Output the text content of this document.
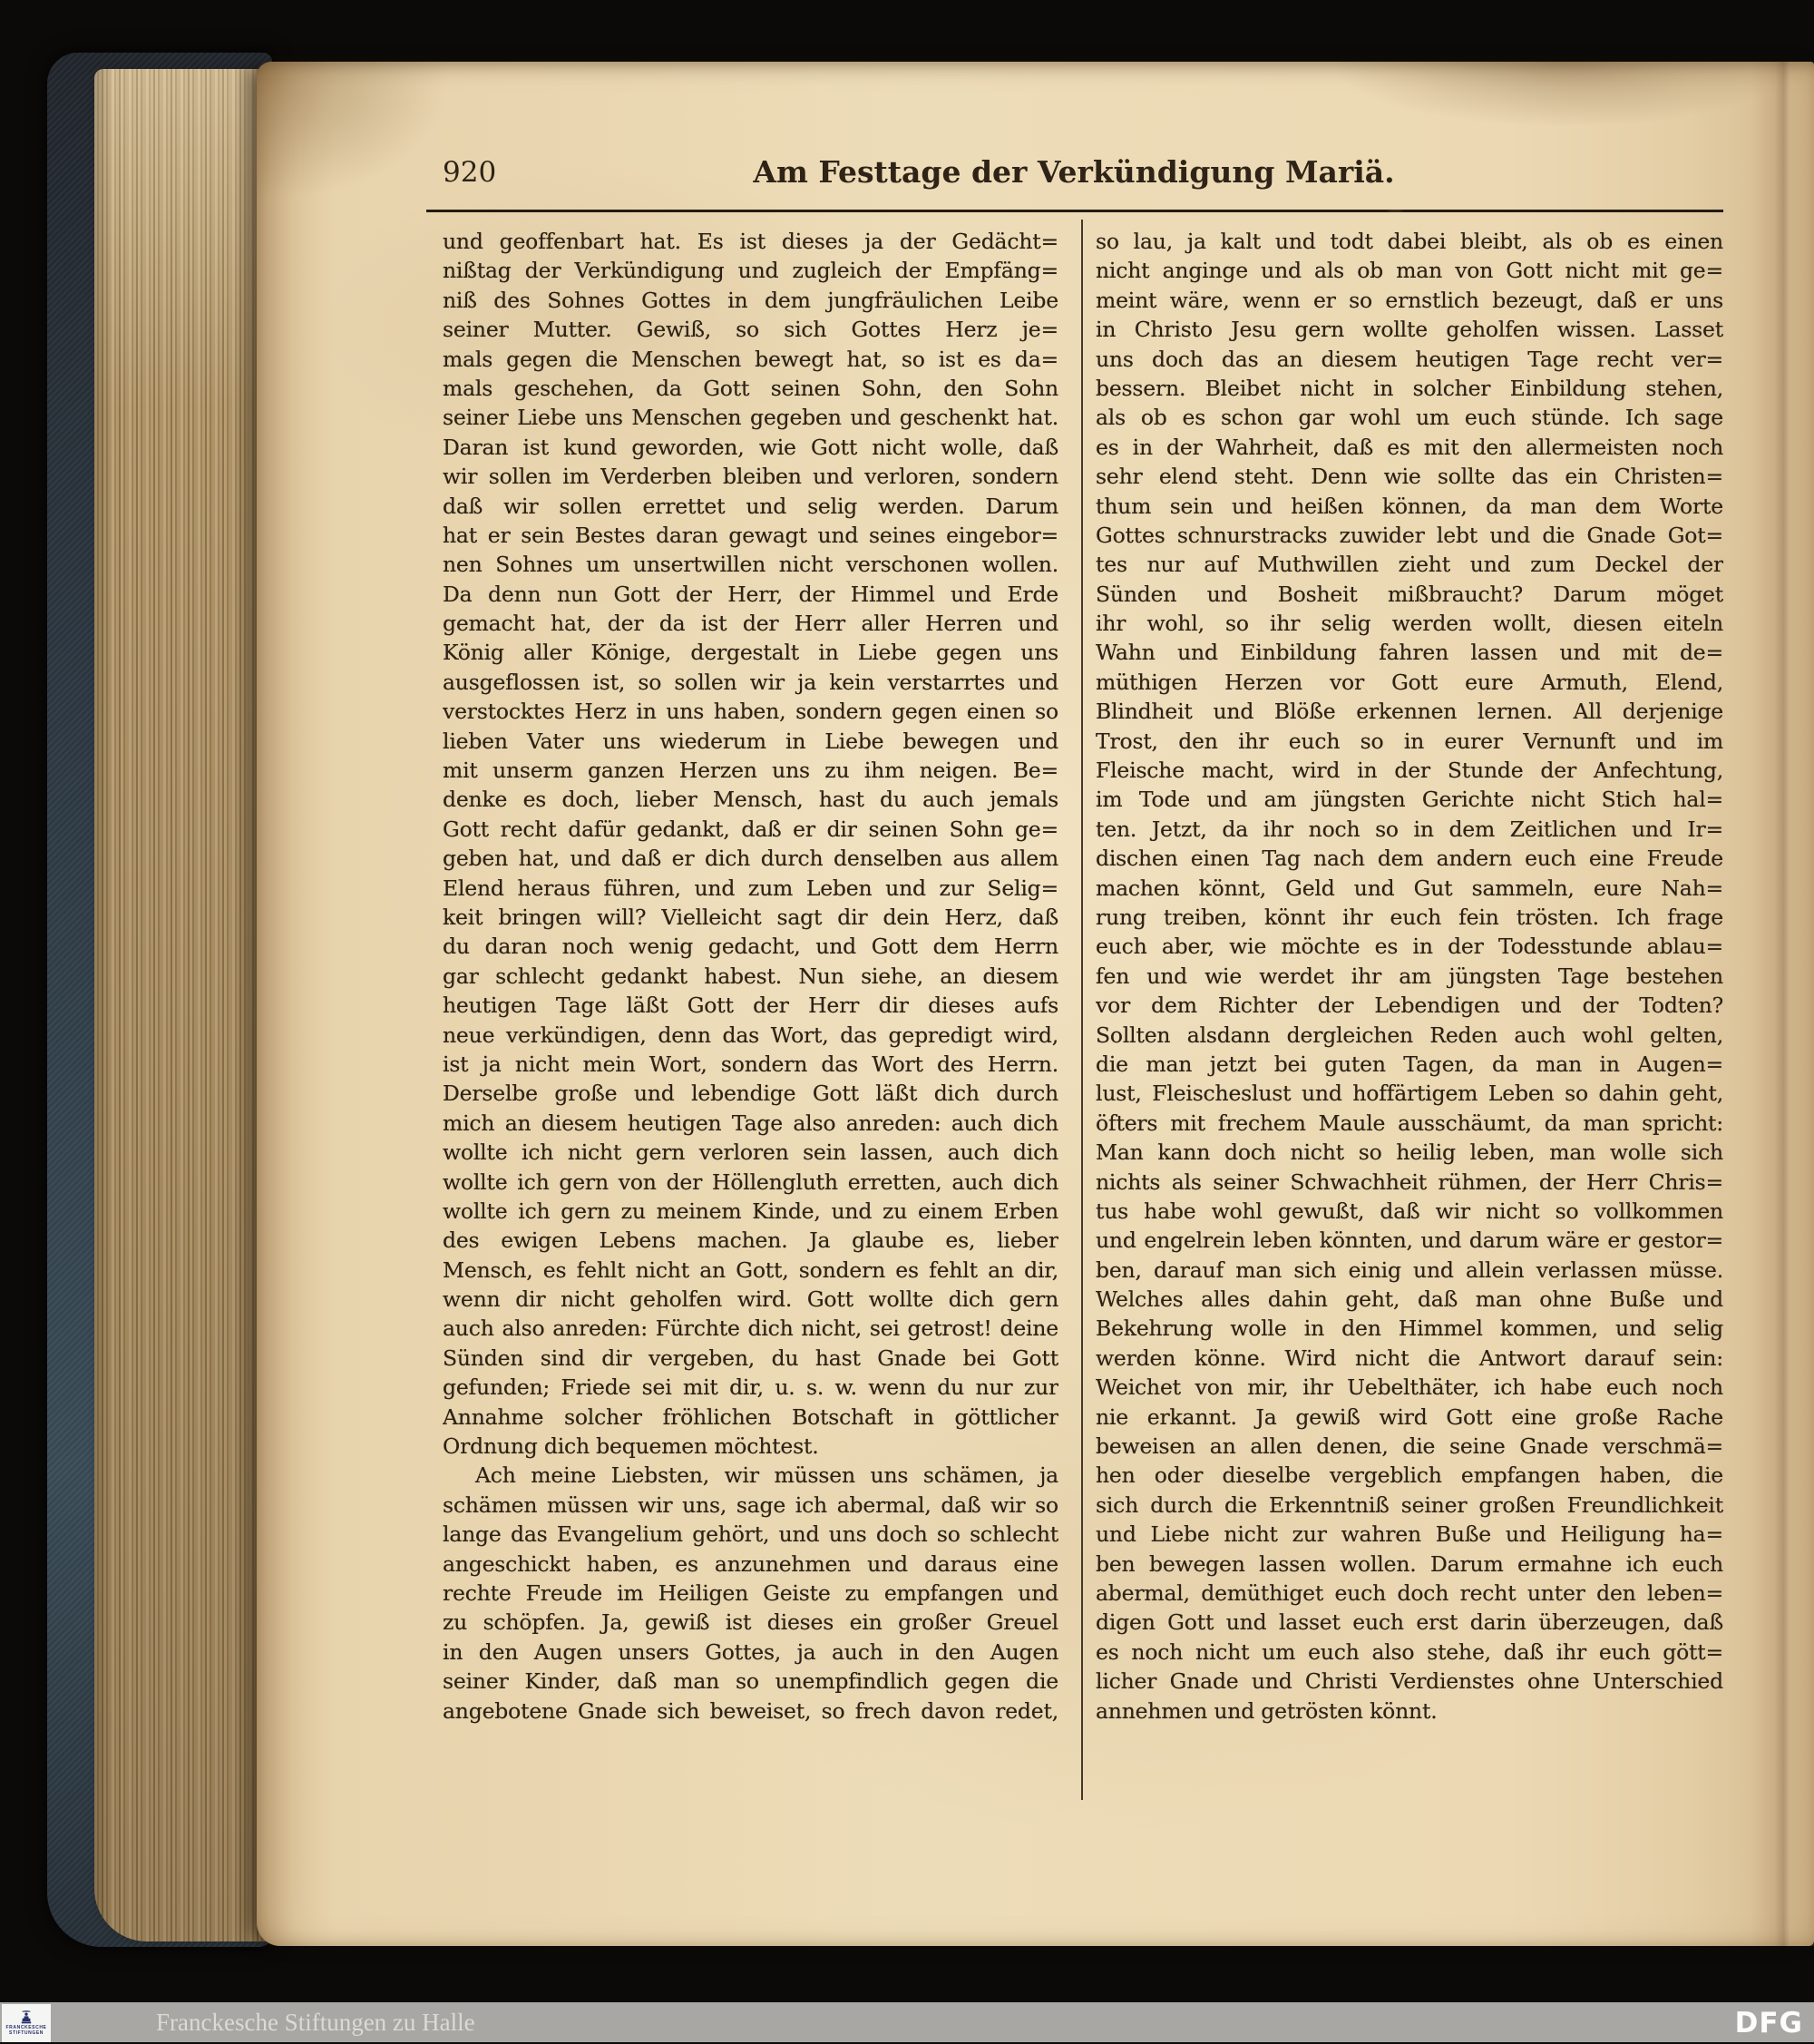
920	Am Festtage der Verkündigung Mariä.
und geoffenbart hat. Es ist dieses ja der Gedächt=
nißtag der Verkündigung und zugleich der Empfäng=
niß des Sohnes Gottes in dem jungfräulichen Leibe
seiner Mutter. Gewiß, so sich Gottes Herz je=
mals gegen die Menschen bewegt hat, so ist es da=
mals geschehen, da Gott seinen Sohn, den Sohn
seiner Liebe uns Menschen gegeben und geschenkt hat.
Daran ist kund geworden, wie Gott nicht wolle, daß
wir sollen im Verderben bleiben und verloren, sondern
daß wir sollen errettet und selig werden. Darum
hat er sein Bestes daran gewagt und seines eingebor=
nen Sohnes um unsertwillen nicht verschonen wollen.
Da denn nun Gott der Herr, der Himmel und Erde
gemacht hat, der da ist der Herr aller Herren und
König aller Könige, dergestalt in Liebe gegen uns
ausgeflossen ist, so sollen wir ja kein verstarrtes und
verstocktes Herz in uns haben, sondern gegen einen so
lieben Vater uns wiederum in Liebe bewegen und
mit unserm ganzen Herzen uns zu ihm neigen. Be=
denke es doch, lieber Mensch, hast du auch jemals
Gott recht dafür gedankt, daß er dir seinen Sohn ge=
geben hat, und daß er dich durch denselben aus allem
Elend heraus führen, und zum Leben und zur Selig=
keit bringen will? Vielleicht sagt dir dein Herz, daß
du daran noch wenig gedacht, und Gott dem Herrn
gar schlecht gedankt habest. Nun siehe, an diesem
heutigen Tage läßt Gott der Herr dir dieses aufs
neue verkündigen, denn das Wort, das gepredigt wird,
ist ja nicht mein Wort, sondern das Wort des Herrn.
Derselbe große und lebendige Gott läßt dich durch
mich an diesem heutigen Tage also anreden: auch dich
wollte ich nicht gern verloren sein lassen, auch dich
wollte ich gern von der Höllengluth erretten, auch dich
wollte ich gern zu meinem Kinde, und zu einem Erben
des ewigen Lebens machen. Ja glaube es, lieber
Mensch, es fehlt nicht an Gott, sondern es fehlt an dir,
wenn dir nicht geholfen wird. Gott wollte dich gern
auch also anreden: Fürchte dich nicht, sei getrost! deine
Sünden sind dir vergeben, du hast Gnade bei Gott
gefunden; Friede sei mit dir, u. s. w. wenn du nur zur
Annahme solcher fröhlichen Botschaft in göttlicher
Ordnung dich bequemen möchtest.
Ach meine Liebsten, wir müssen uns schämen, ja
schämen müssen wir uns, sage ich abermal, daß wir so
lange das Evangelium gehört, und uns doch so schlecht
angeschickt haben, es anzunehmen und daraus eine
rechte Freude im Heiligen Geiste zu empfangen und
zu schöpfen. Ja, gewiß ist dieses ein großer Greuel
in den Augen unsers Gottes, ja auch in den Augen
seiner Kinder, daß man so unempfindlich gegen die
angebotene Gnade sich beweiset, so frech davon redet,
so lau, ja kalt und todt dabei bleibt, als ob es einen
nicht anginge und als ob man von Gott nicht mit ge=
meint wäre, wenn er so ernstlich bezeugt, daß er uns
in Christo Jesu gern wollte geholfen wissen. Lasset
uns doch das an diesem heutigen Tage recht ver=
bessern. Bleibet nicht in solcher Einbildung stehen,
als ob es schon gar wohl um euch stünde. Ich sage
es in der Wahrheit, daß es mit den allermeisten noch
sehr elend steht. Denn wie sollte das ein Christen=
thum sein und heißen können, da man dem Worte
Gottes schnurstracks zuwider lebt und die Gnade Got=
tes nur auf Muthwillen zieht und zum Deckel der
Sünden und Bosheit mißbraucht? Darum möget
ihr wohl, so ihr selig werden wollt, diesen eiteln
Wahn und Einbildung fahren lassen und mit de=
müthigen Herzen vor Gott eure Armuth, Elend,
Blindheit und Blöße erkennen lernen. All derjenige
Trost, den ihr euch so in eurer Vernunft und im
Fleische macht, wird in der Stunde der Anfechtung,
im Tode und am jüngsten Gerichte nicht Stich hal=
ten. Jetzt, da ihr noch so in dem Zeitlichen und Ir=
dischen einen Tag nach dem andern euch eine Freude
machen könnt, Geld und Gut sammeln, eure Nah=
rung treiben, könnt ihr euch fein trösten. Ich frage
euch aber, wie möchte es in der Todesstunde ablau=
fen und wie werdet ihr am jüngsten Tage bestehen
vor dem Richter der Lebendigen und der Todten?
Sollten alsdann dergleichen Reden auch wohl gelten,
die man jetzt bei guten Tagen, da man in Augen=
lust, Fleischeslust und hoffärtigem Leben so dahin geht,
öfters mit frechem Maule ausschäumt, da man spricht:
Man kann doch nicht so heilig leben, man wolle sich
nichts als seiner Schwachheit rühmen, der Herr Chris=
tus habe wohl gewußt, daß wir nicht so vollkommen
und engelrein leben könnten, und darum wäre er gestor=
ben, darauf man sich einig und allein verlassen müsse.
Welches alles dahin geht, daß man ohne Buße und
Bekehrung wolle in den Himmel kommen, und selig
werden könne. Wird nicht die Antwort darauf sein:
Weichet von mir, ihr Uebelthäter, ich habe euch noch
nie erkannt. Ja gewiß wird Gott eine große Rache
beweisen an allen denen, die seine Gnade verschmä=
hen oder dieselbe vergeblich empfangen haben, die
sich durch die Erkenntniß seiner großen Freundlichkeit
und Liebe nicht zur wahren Buße und Heiligung ha=
ben bewegen lassen wollen. Darum ermahne ich euch
abermal, demüthiget euch doch recht unter den leben=
digen Gott und lasset euch erst darin überzeugen, daß
es noch nicht um euch also stehe, daß ihr euch gött=
licher Gnade und Christi Verdienstes ohne Unterschied
annehmen und getrösten könnt.
FRANCKESCHE
STIFTUNGEN	Franckesche Stiftungen zu Halle	DFG
